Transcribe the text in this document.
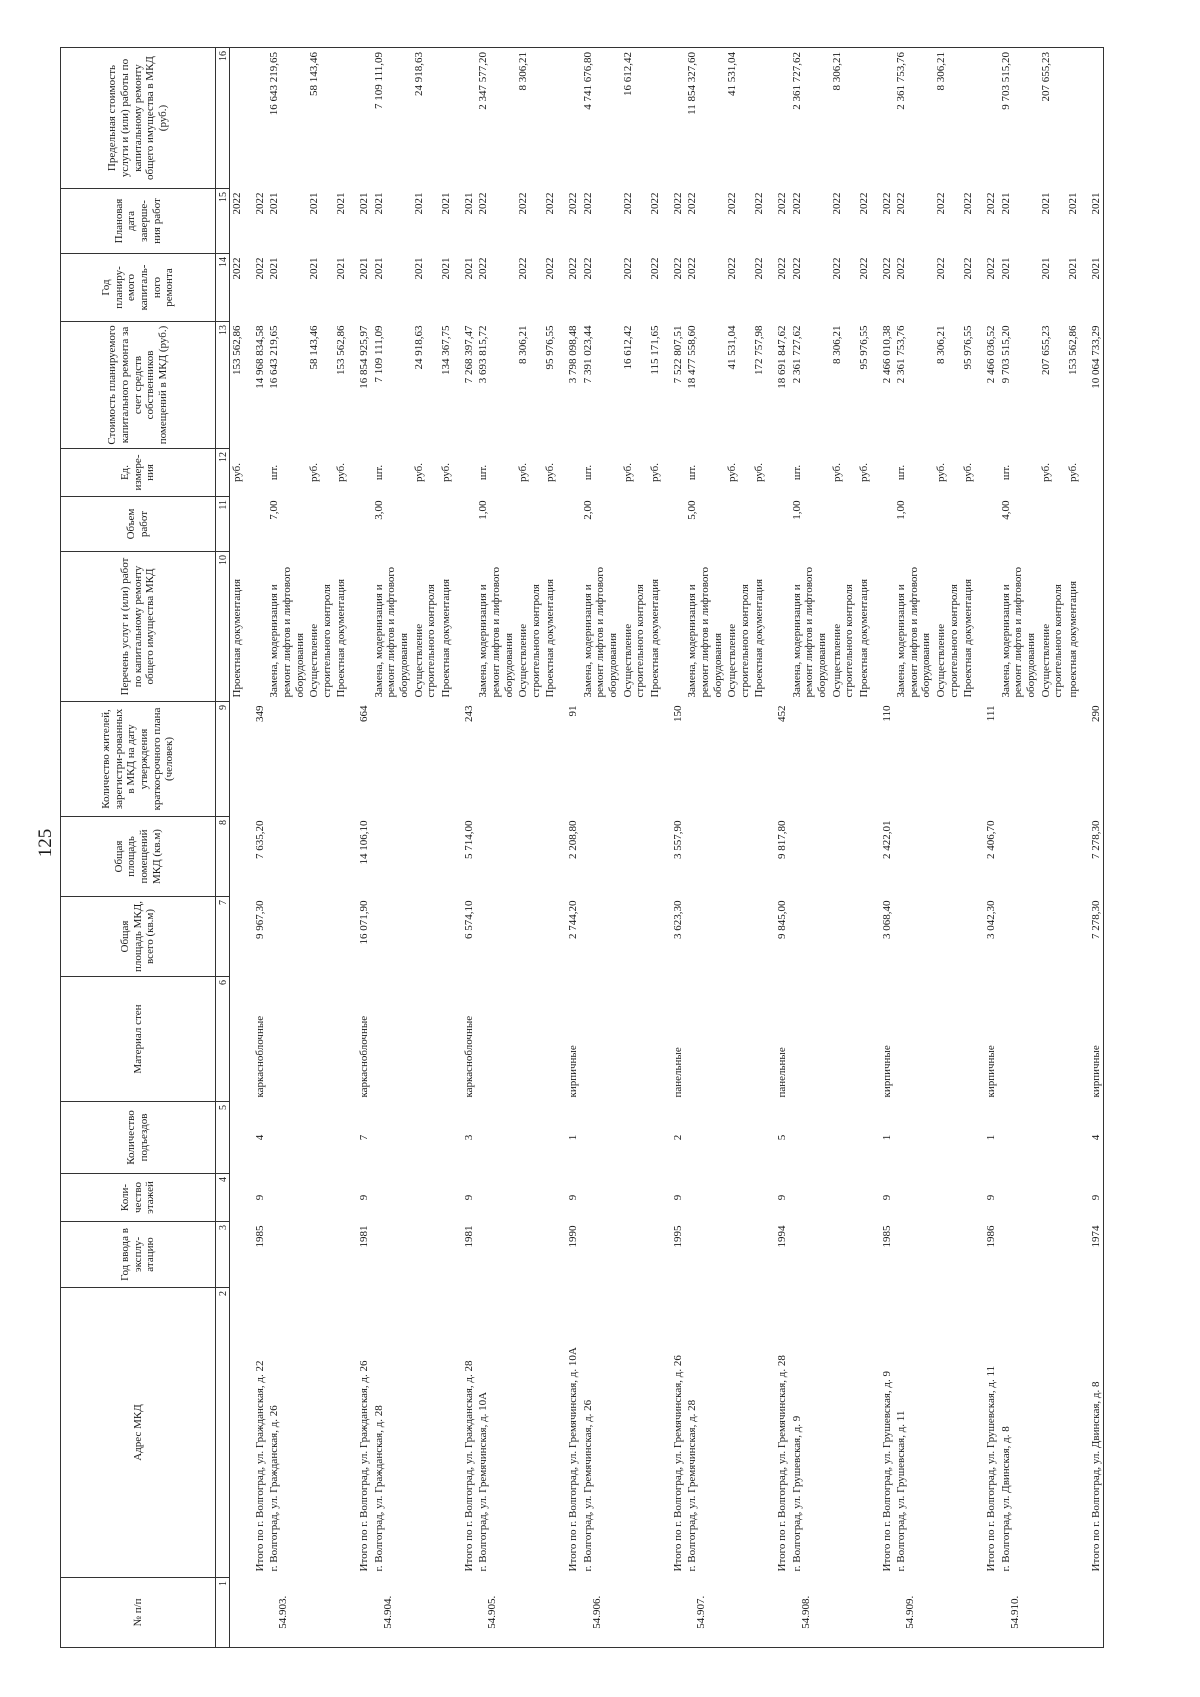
125
№ п/п	Адрес МКД	Год ввода в эксплу-атацию	Коли-чество этажей	Количество подъездов	Материал стен	Общая площадь МКД, всего (кв.м)	Общая площадь помещений МКД (кв.м)	Количество жителей, зарегистри-рованных в МКД на дату утверждения краткосрочного плана (человек)	Перечень услуг и (или) работ по капитальному ремонту общего имущества МКД	Объем работ	Ед. измере-ния	Стоимость планируемого капитального ремонта за счет средств собственников помещений в МКД (руб.)	Год планиру-емого капиталь-ного ремонта	Плановая дата заверше-ния работ	Предельная стоимость услуги и (или) работы по капитальному ремонту общего имущества в МКД (руб.)
1	2	3	4	5	6	7	8	9	10	11	12	13	14	15	16
									Проектная документация		руб.	153 562,86	2022	2022	
	Итого по г. Волгоград, ул. Гражданская, д. 22	1985	9	4	каркаснoблочные	9 967,30	7 635,20	349				14 968 834,58	2022	2022	
54.903.	г. Волгоград, ул. Гражданская, д. 26								Замена, модернизация и ремонт лифтов и лифтового оборудования	7,00	шт.	16 643 219,65	2021	2021	16 643 219,65
									Осуществление строительного контроля		руб.	58 143,46	2021	2021	58 143,46
									Проектная документация		руб.	153 562,86	2021	2021	
	Итого по г. Волгоград, ул. Гражданская, д. 26	1981	9	7	каркаснoблочные	16 071,90	14 106,10	664				16 854 925,97	2021	2021	
54.904.	г. Волгоград, ул. Гражданская, д. 28								Замена, модернизация и ремонт лифтов и лифтового оборудования	3,00	шт.	7 109 111,09	2021	2021	7 109 111,09
									Осуществление строительного контроля		руб.	24 918,63	2021	2021	24 918,63
									Проектная документация		руб.	134 367,75	2021	2021	
	Итого по г. Волгоград, ул. Гражданская, д. 28	1981	9	3	каркаснoблочные	6 574,10	5 714,00	243				7 268 397,47	2021	2021	
54.905.	г. Волгоград, ул. Гремячинская, д. 10А								Замена, модернизация и ремонт лифтов и лифтового оборудования	1,00	шт.	3 693 815,72	2022	2022	2 347 577,20
									Осуществление строительного контроля		руб.	8 306,21	2022	2022	8 306,21
									Проектная документация		руб.	95 976,55	2022	2022	
	Итого по г. Волгоград, ул. Гремячинская, д. 10А	1990	9	1	кирпичные	2 744,20	2 208,80	91				3 798 098,48	2022	2022	
54.906.	г. Волгоград, ул. Гремячинская, д. 26								Замена, модернизация и ремонт лифтов и лифтового оборудования	2,00	шт.	7 391 023,44	2022	2022	4 741 676,80
									Осуществление строительного контроля		руб.	16 612,42	2022	2022	16 612,42
									Проектная документация		руб.	115 171,65	2022	2022	
	Итого по г. Волгоград, ул. Гремячинская, д. 26	1995	9	2	панельные	3 623,30	3 557,90	150				7 522 807,51	2022	2022	
54.907.	г. Волгоград, ул. Гремячинская, д. 28								Замена, модернизация и ремонт лифтов и лифтового оборудования	5,00	шт.	18 477 558,60	2022	2022	11 854 327,60
									Осуществление строительного контроля		руб.	41 531,04	2022	2022	41 531,04
									Проектная документация		руб.	172 757,98	2022	2022	
	Итого по г. Волгоград, ул. Гремячинская, д. 28	1994	9	5	панельные	9 845,00	9 817,80	452				18 691 847,62	2022	2022	
54.908.	г. Волгоград, ул. Грушевская, д. 9								Замена, модернизация и ремонт лифтов и лифтового оборудования	1,00	шт.	2 361 727,62	2022	2022	2 361 727,62
									Осуществление строительного контроля		руб.	8 306,21	2022	2022	8 306,21
									Проектная документация		руб.	95 976,55	2022	2022	
	Итого по г. Волгоград, ул. Грушевская, д. 9	1985	9	1	кирпичные	3 068,40	2 422,01	110				2 466 010,38	2022	2022	
54.909.	г. Волгоград, ул. Грушевская, д. 11								Замена, модернизация и ремонт лифтов и лифтового оборудования	1,00	шт.	2 361 753,76	2022	2022	2 361 753,76
									Осуществление строительного контроля		руб.	8 306,21	2022	2022	8 306,21
									Проектная документация		руб.	95 976,55	2022	2022	
	Итого по г. Волгоград, ул. Грушевская, д. 11	1986	9	1	кирпичные	3 042,30	2 406,70	111				2 466 036,52	2022	2022	
54.910.	г. Волгоград, ул. Двинская, д. 8								Замена, модернизация и ремонт лифтов и лифтового оборудования	4,00	шт.	9 703 515,20	2021	2021	9 703 515,20
									Осуществление строительного контроля		руб.	207 655,23	2021	2021	207 655,23
									проектная документация		руб.	153 562,86	2021	2021	
	Итого по г. Волгоград, ул. Двинская, д. 8	1974	9	4	кирпичные	7 278,30	7 278,30	290				10 064 733,29	2021	2021	
